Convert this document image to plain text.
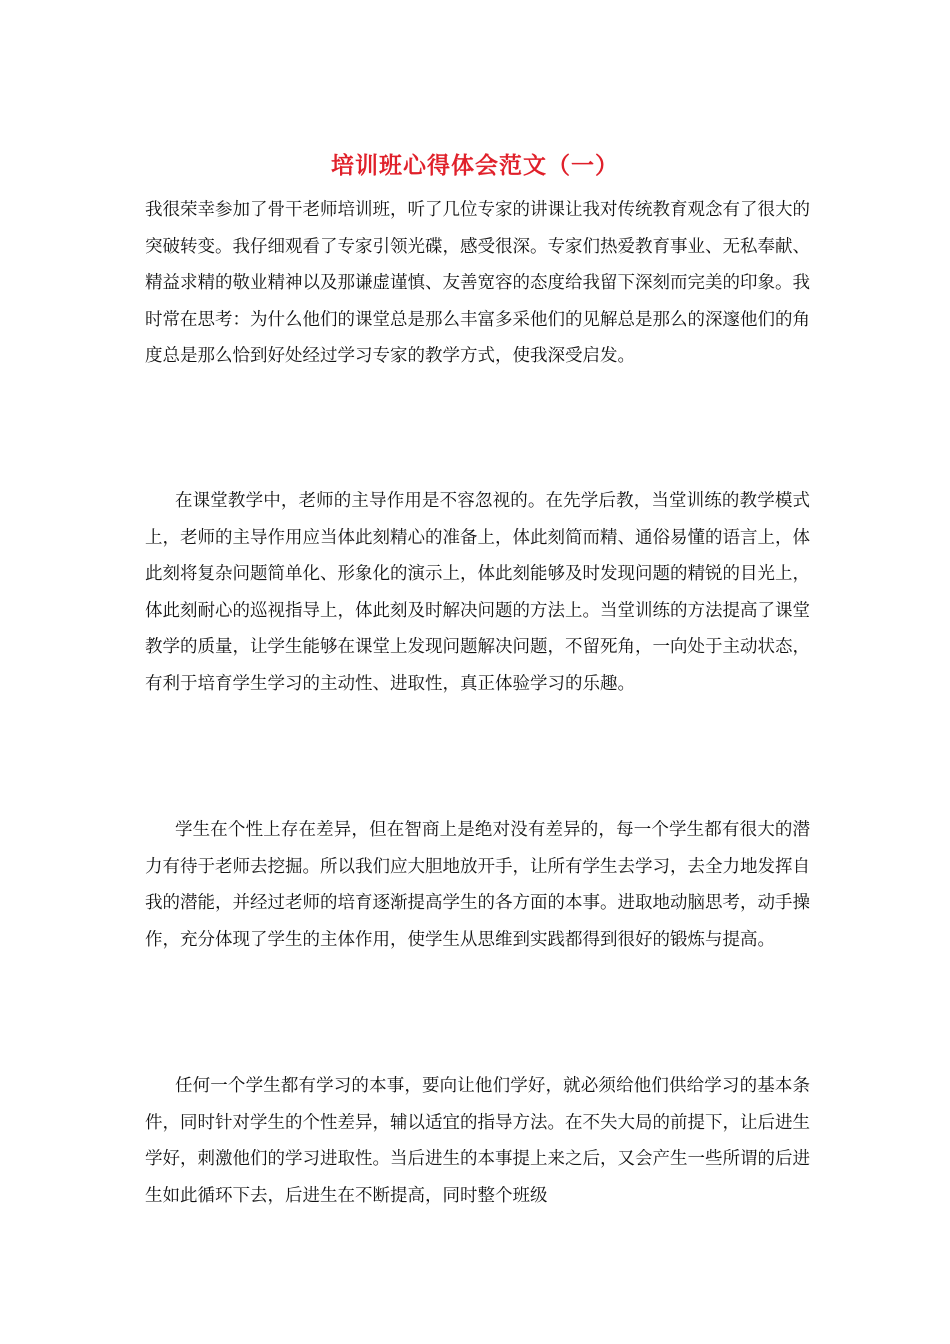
培训班心得体会范文（一）

我很荣幸参加了骨干老师培训班，听了几位专家的讲课让我对传统教育观念有了很大的突破转变。我仔细观看了专家引领光碟，感受很深。专家们热爱教育事业、无私奉献、精益求精的敬业精神以及那谦虚谨慎、友善宽容的态度给我留下深刻而完美的印象。我时常在思考：为什么他们的课堂总是那么丰富多采他们的见解总是那么的深邃他们的角度总是那么恰到好处经过学习专家的教学方式，使我深受启发。

在课堂教学中，老师的主导作用是不容忽视的。在先学后教，当堂训练的教学模式上，老师的主导作用应当体此刻精心的准备上，体此刻简而精、通俗易懂的语言上，体此刻将复杂问题简单化、形象化的演示上，体此刻能够及时发现问题的精锐的目光上，体此刻耐心的巡视指导上，体此刻及时解决问题的方法上。当堂训练的方法提高了课堂教学的质量，让学生能够在课堂上发现问题解决问题，不留死角，一向处于主动状态，有利于培育学生学习的主动性、进取性，真正体验学习的乐趣。

学生在个性上存在差异，但在智商上是绝对没有差异的，每一个学生都有很大的潜力有待于老师去挖掘。所以我们应大胆地放开手，让所有学生去学习，去全力地发挥自我的潜能，并经过老师的培育逐渐提高学生的各方面的本事。进取地动脑思考，动手操作，充分体现了学生的主体作用，使学生从思维到实践都得到很好的锻炼与提高。

任何一个学生都有学习的本事，要向让他们学好，就必须给他们供给学习的基本条件，同时针对学生的个性差异，辅以适宜的指导方法。在不失大局的前提下，让后进生学好，刺激他们的学习进取性。当后进生的本事提上来之后，又会产生一些所谓的后进生如此循环下去，后进生在不断提高，同时整个班级
